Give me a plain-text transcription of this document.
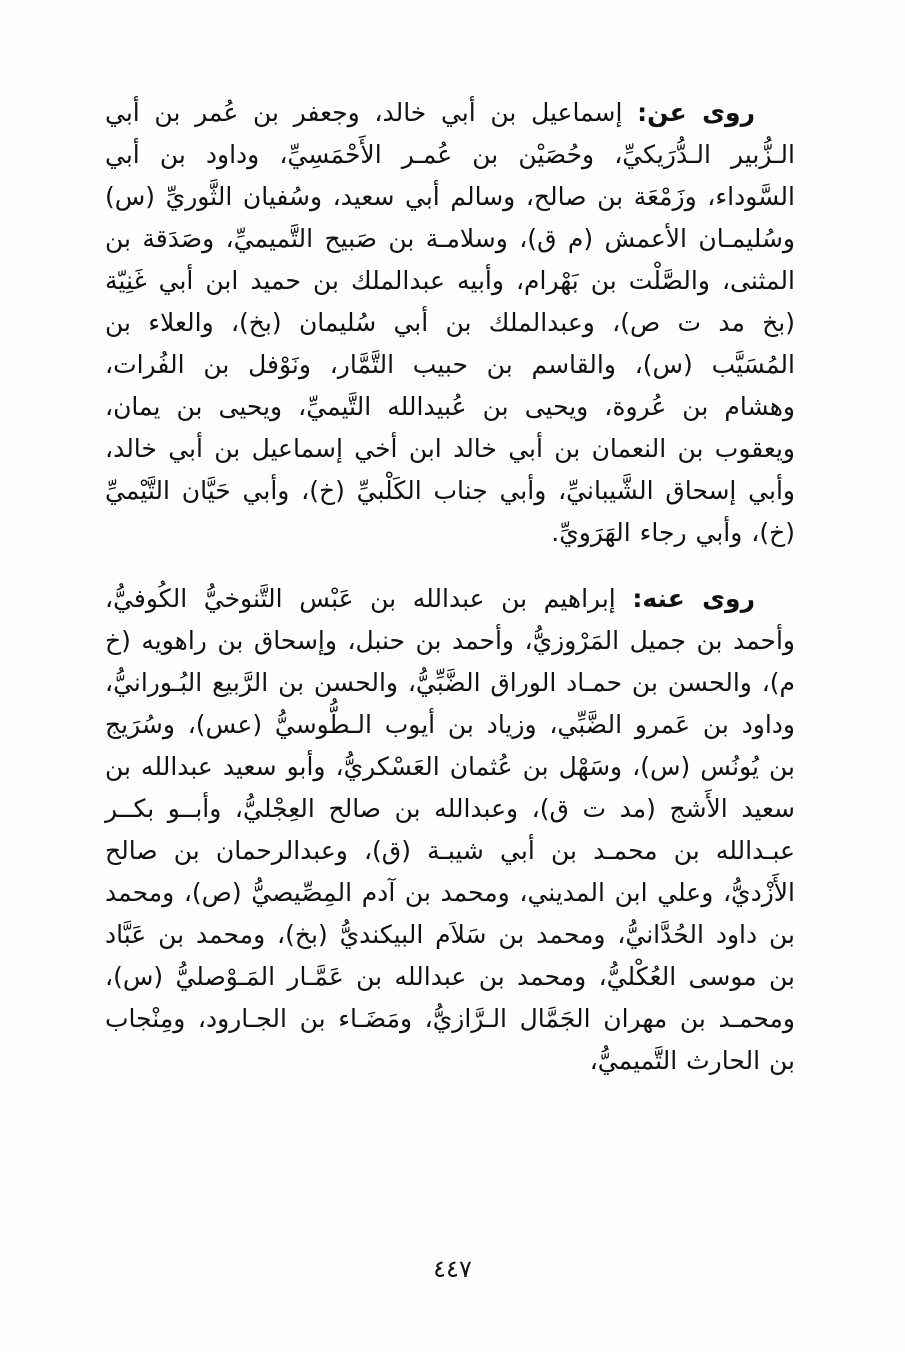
روى عن: إسماعيل بن أبي خالد، وجعفر بن عُمر بن أبي الـزُّبير الـدُّرَيكيِّ، وحُصَيْن بن عُمـر الأَحْمَسِيِّ، وداود بن أبي السَّوداء، وزَمْعَة بن صالح، وسالم أبي سعيد، وسُفيان الثَّوريِّ (س) وسُليمـان الأعمش (م ق)، وسلامـة بن صَبيح التَّميميِّ، وصَدَقة بن المثنى، والصَّلْت بن بَهْرام، وأبيه عبدالملك بن حميد ابن أبي غَنِيّة (بخ مد ت ص)، وعبدالملك بن أبي سُليمان (بخ)، والعلاء بن المُسَيَّب (س)، والقاسم بن حبيب التَّمَّار، ونَوْفل بن الفُرات، وهشام بن عُروة، ويحيى بن عُبيدالله التَّيميِّ، ويحيى بن يمان، ويعقوب بن النعمان بن أبي خالد ابن أخي إسماعيل بن أبي خالد، وأبي إسحاق الشَّيبانيِّ، وأبي جناب الكَلْبيِّ (خ)، وأبي حَيَّان التَّيْميِّ (خ)، وأبي رجاء الهَرَويِّ.

روى عنه: إبراهيم بن عبدالله بن عَبْس التَّنوخيُّ الكُوفيُّ، وأحمد بن جميل المَرْوزيُّ، وأحمد بن حنبل، وإسحاق بن راهويه (خ م)، والحسن بن حمـاد الوراق الضَّبِّيُّ، والحسن بن الرَّبيع البُـورانيُّ، وداود بن عَمرو الضَّبِّي، وزياد بن أيوب الـطُّوسيُّ (عس)، وسُرَيج بن يُونُس (س)، وسَهْل بن عُثمان العَسْكريُّ، وأبو سعيد عبدالله بن سعيد الأَشج (مد ت ق)، وعبدالله بن صالح العِجْليُّ، وأبــو بكــر عبـدالله بن محمـد بن أبي شيبـة (ق)، وعبدالرحمان بن صالح الأَزْديُّ، وعلي ابن المديني، ومحمد بن آدم المِصِّيصيُّ (ص)، ومحمد بن داود الحُدَّانيُّ، ومحمد بن سَلاَم البيكنديُّ (بخ)، ومحمد بن عَبَّاد بن موسى العُكْليُّ، ومحمد بن عبدالله بن عَمَّـار المَـوْصليُّ (س)، ومحمـد بن مهران الجَمَّال الـرَّازيُّ، ومَضَـاء بن الجـارود، ومِنْجاب بن الحارث التَّميميُّ،

٤٤٧
